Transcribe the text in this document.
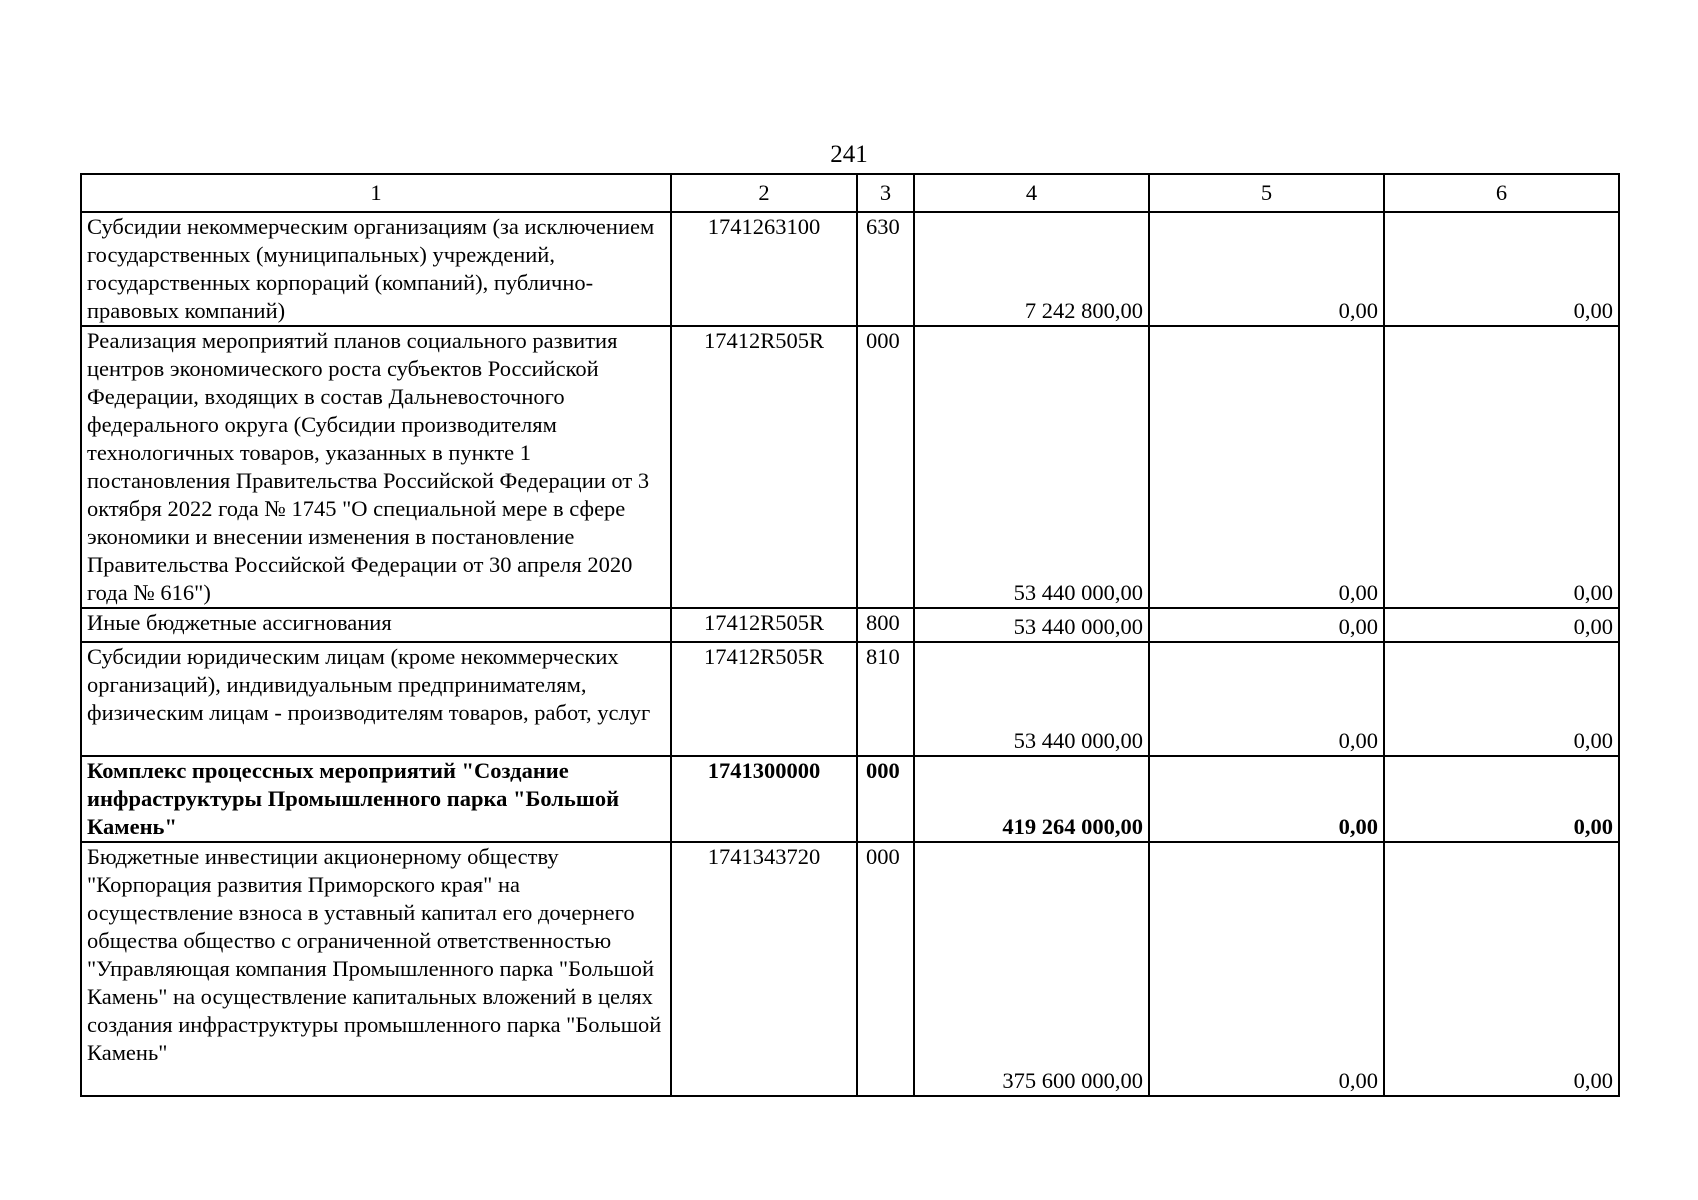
241
1	2	3	4	5	6
Субсидии некоммерческим организациям (за исключением государственных (муниципальных) учреждений, государственных корпораций (компаний), публично-правовых компаний)	1741263100	630	7 242 800,00	0,00	0,00
Реализация мероприятий планов социального развития центров экономического роста субъектов Российской Федерации, входящих в состав Дальневосточного федерального округа (Субсидии производителям технологичных товаров, указанных в пункте 1 постановления Правительства Российской Федерации от 3 октября 2022 года № 1745 "О специальной мере в сфере экономики и внесении изменения в постановление Правительства Российской Федерации от 30 апреля 2020 года № 616")	17412R505R	000	53 440 000,00	0,00	0,00
Иные бюджетные ассигнования	17412R505R	800	53 440 000,00	0,00	0,00
Субсидии юридическим лицам (кроме некоммерческих организаций), индивидуальным предпринимателям, физическим лицам - производителям товаров, работ, услуг	17412R505R	810	53 440 000,00	0,00	0,00
Комплекс процессных мероприятий "Создание инфраструктуры Промышленного парка "Большой Камень"	1741300000	000	419 264 000,00	0,00	0,00
Бюджетные инвестиции акционерному обществу "Корпорация развития Приморского края" на осуществление взноса в уставный капитал его дочернего общества общество с ограниченной ответственностью "Управляющая компания Промышленного парка "Большой Камень" на осуществление капитальных вложений в целях создания инфраструктуры промышленного парка "Большой Камень"	1741343720	000	375 600 000,00	0,00	0,00
